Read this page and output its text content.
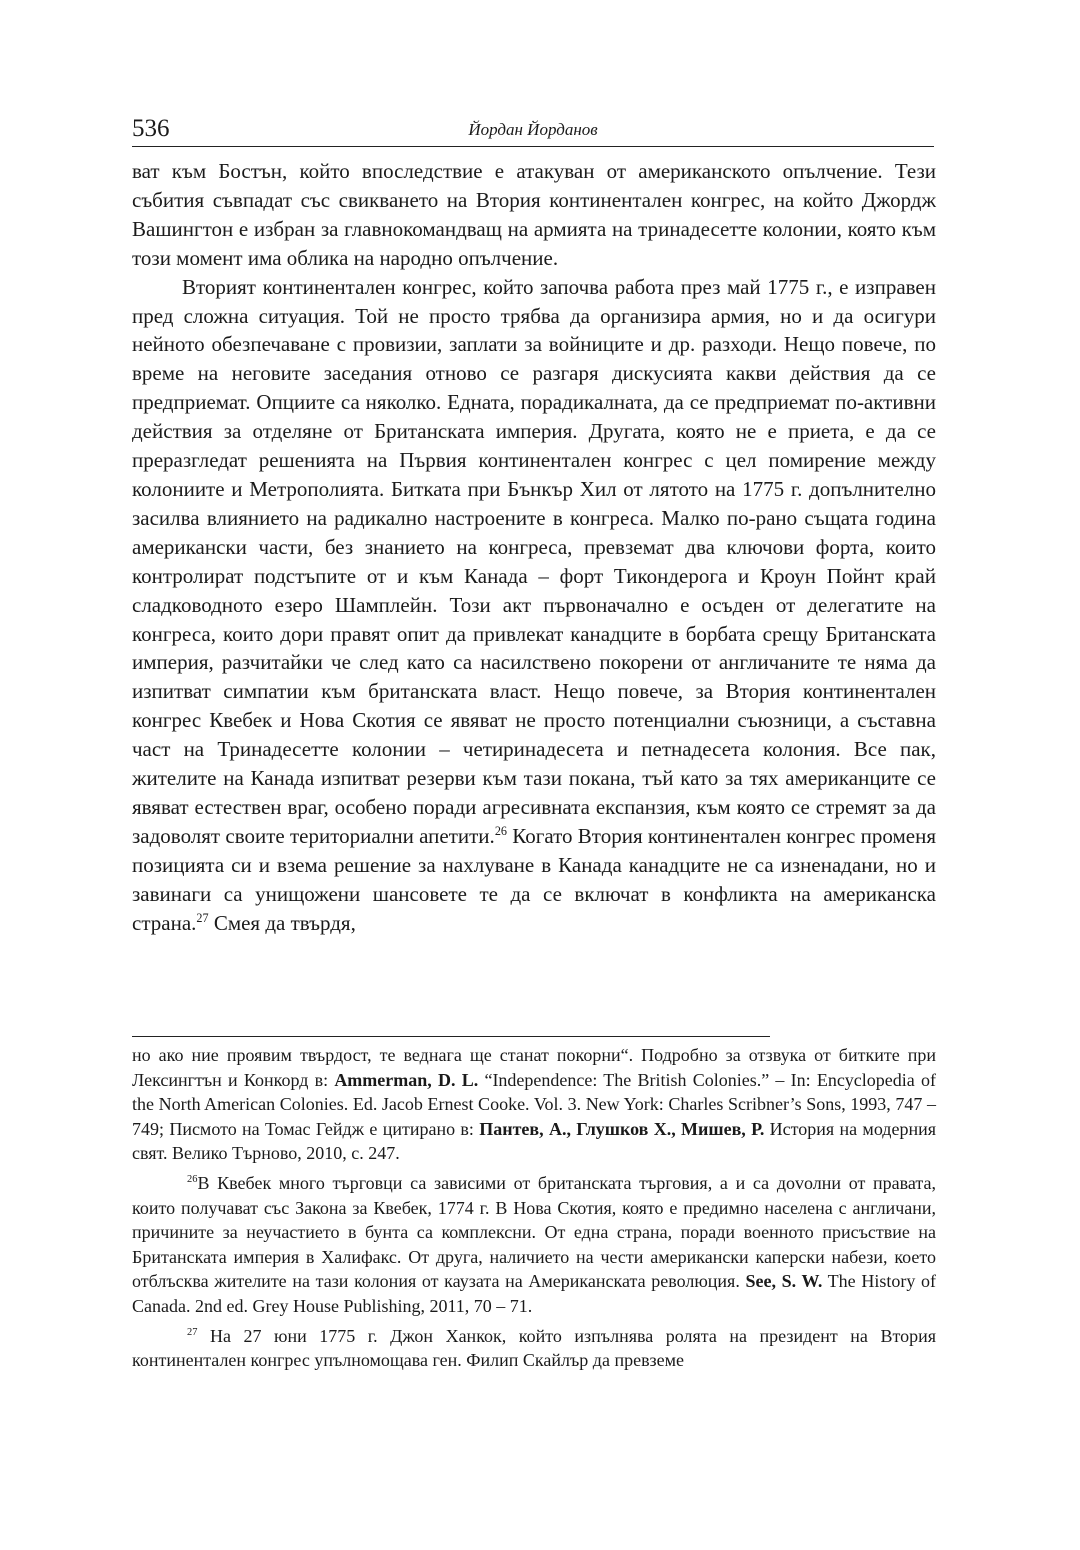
536	Йордан Йорданов

ват към Бостън, който впоследствие е атакуван от американското опълчение. Тези събития съвпадат със свикването на Втория континентален конгрес, на който Джордж Вашингтон е избран за главнокомандващ на армията на тринадесетте колонии, която към този момент има облика на народно опълчение.

Вторият континентален конгрес, който започва работа през май 1775 г., е изправен пред сложна ситуация. Той не просто трябва да организира армия, но и да осигури нейното обезпечаване с провизии, заплати за войниците и др. разходи. Нещо повече, по време на неговите заседания отново се разгаря дискусията какви действия да се предприемат. Опциите са няколко. Едната, порадикалната, да се предприемат по-активни действия за отделяне от Британската империя. Другата, която не е приета, е да се преразгледат решенията на Първия континентален конгрес с цел помирение между колониите и Метрополията. Битката при Бънкър Хил от лятото на 1775 г. допълнително засилва влиянието на радикално настроените в конгреса. Малко по-рано същата година американски части, без знанието на конгреса, превземат два ключови форта, които контролират подстъпите от и към Канада – форт Тикондерога и Кроун Пойнт край сладководното езеро Шамплейн. Този акт първоначално е осъден от делегатите на конгреса, които дори правят опит да привлекат канадците в борбата срещу Британската империя, разчитайки че след като са насилствено покорени от англичаните те няма да изпитват симпатии към британската власт. Нещо повече, за Втория континентален конгрес Квебек и Нова Скотия се явяват не просто потенциални съюзници, а съставна част на Тринадесетте колонии – четиринадесета и петнадесета колония. Все пак, жителите на Канада изпитват резерви към тази покана, тъй като за тях американците се явяват естествен враг, особено поради агресивната експанзия, към която се стремят за да задоволят своите териториални апетити.$^{26}$ Когато Втория континентален конгрес променя позицията си и взема решение за нахлуване в Канада канадците не са изненадани, но и завинаги са унищожени шансовете те да се включат в конфликта на американска страна.$^{27}$ Смея да твърдя,

но ако ние проявим твърдост, те веднага ще станат покорни“. Подробно за отзвука от битките при Лексингтън и Конкорд в: Ammerman, D. L. “Independence: The British Colonies.” – In: Encyclopedia of the North American Colonies. Ed. Jacob Ernest Cooke. Vol. 3. New York: Charles Scribner’s Sons, 1993, 747 – 749; Писмото на Томас Гейдж е цитирано в: Пантев, А., Глушков Х., Мишев, Р. История на модерния свят. Велико Търново, 2010, с. 247.

$^{26}$В Квебек много търговци са зависими от британската търговия, а и са дovолни от правата, които получават със Закона за Квебек, 1774 г. В Нова Скотия, която е предимно населена с англичани, причините за неучастието в бунта са комплексни. От една страна, поради военното присъствие на Британската империя в Халифакс. От друга, наличието на чести американски каперски набези, което отблъсква жителите на тази колония от каузата на Американската революция. See, S. W. The History of Canada. 2nd ed. Grey House Publishing, 2011, 70 – 71.

$^{27}$ На 27 юни 1775 г. Джон Ханкок, който изпълнява ролята на президент на Втория континентален конгрес упълномощава ген. Филип Скайлър да превземе
